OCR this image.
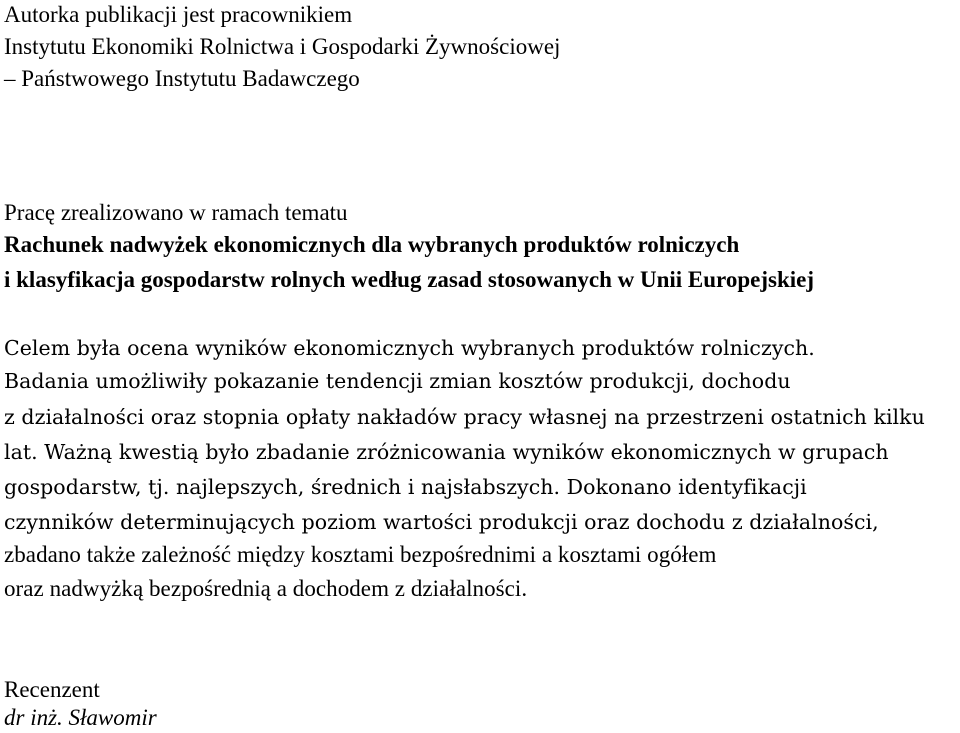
Autorka publikacji jest pracownikiem

Instytutu Ekonomiki Rolnictwa i Gospodarki Żywnościowej

– Państwowego Instytutu Badawczego

Pracę zrealizowano w ramach tematu

Rachunek nadwyżek ekonomicznych dla wybranych produktów rolniczych

i klasyfikacja gospodarstw rolnych według zasad stosowanych w Unii Europejskiej

Celem była ocena wyników ekonomicznych wybranych produktów rolniczych.

Badania umożliwiły pokazanie tendencji zmian kosztów produkcji, dochodu

z działalności oraz stopnia opłaty nakładów pracy własnej na przestrzeni ostatnich kilku

lat. Ważną kwestią było zbadanie zróżnicowania wyników ekonomicznych w grupach

gospodarstw, tj. najlepszych, średnich i najsłabszych. Dokonano identyfikacji

czynników determinujących poziom wartości produkcji oraz dochodu z działalności,

zbadano także zależność między kosztami bezpośrednimi a kosztami ogółem

oraz nadwyżką bezpośrednią a dochodem z działalności.

Recenzent

dr inż. Sławomir
